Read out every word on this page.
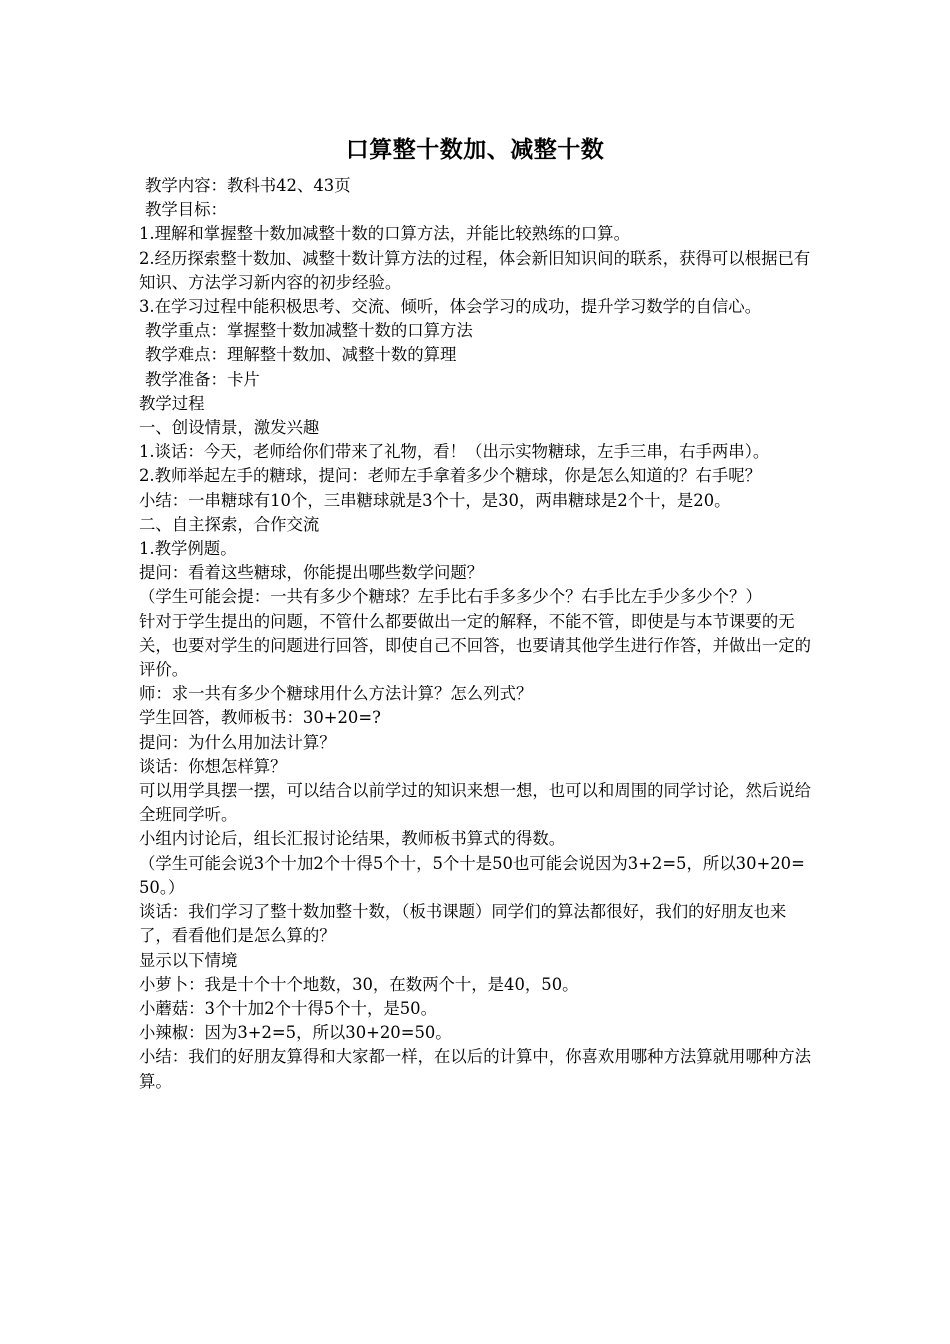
口算整十数加、减整十数

教学内容：教科书42、43页

教学目标：

1.理解和掌握整十数加减整十数的口算方法，并能比较熟练的口算。

2.经历探索整十数加、减整十数计算方法的过程，体会新旧知识间的联系，获得可以根据已有知识、方法学习新内容的初步经验。

3.在学习过程中能积极思考、交流、倾听，体会学习的成功，提升学习数学的自信心。

教学重点：掌握整十数加减整十数的口算方法

教学难点：理解整十数加、减整十数的算理

教学准备：卡片

教学过程

一、创设情景，激发兴趣

1.谈话：今天，老师给你们带来了礼物，看！（出示实物糖球，左手三串，右手两串）。

2.教师举起左手的糖球，提问：老师左手拿着多少个糖球，你是怎么知道的？右手呢？

小结：一串糖球有10个，三串糖球就是3个十，是30，两串糖球是2个十，是20。

二、自主探索，合作交流

1.教学例题。

提问：看着这些糖球，你能提出哪些数学问题？

（学生可能会提：一共有多少个糖球？左手比右手多多少个？右手比左手少多少个？）

针对于学生提出的问题，不管什么都要做出一定的解释，不能不管，即使是与本节课要的无关，也要对学生的问题进行回答，即使自己不回答，也要请其他学生进行作答，并做出一定的评价。

师：求一共有多少个糖球用什么方法计算？怎么列式？

学生回答，教师板书：30+20=?

提问：为什么用加法计算？

谈话：你想怎样算？

可以用学具摆一摆，可以结合以前学过的知识来想一想，也可以和周围的同学讨论，然后说给全班同学听。

小组内讨论后，组长汇报讨论结果，教师板书算式的得数。

（学生可能会说3个十加2个十得5个十，5个十是50也可能会说因为3+2=5，所以30+20=50。）

谈话：我们学习了整十数加整十数，（板书课题）同学们的算法都很好，我们的好朋友也来了，看看他们是怎么算的？

显示以下情境

小萝卜：我是十个十个地数，30，在数两个十，是40，50。

小蘑菇：3个十加2个十得5个十，是50。

小辣椒：因为3+2=5，所以30+20=50。

小结：我们的好朋友算得和大家都一样，在以后的计算中，你喜欢用哪种方法算就用哪种方法算。
